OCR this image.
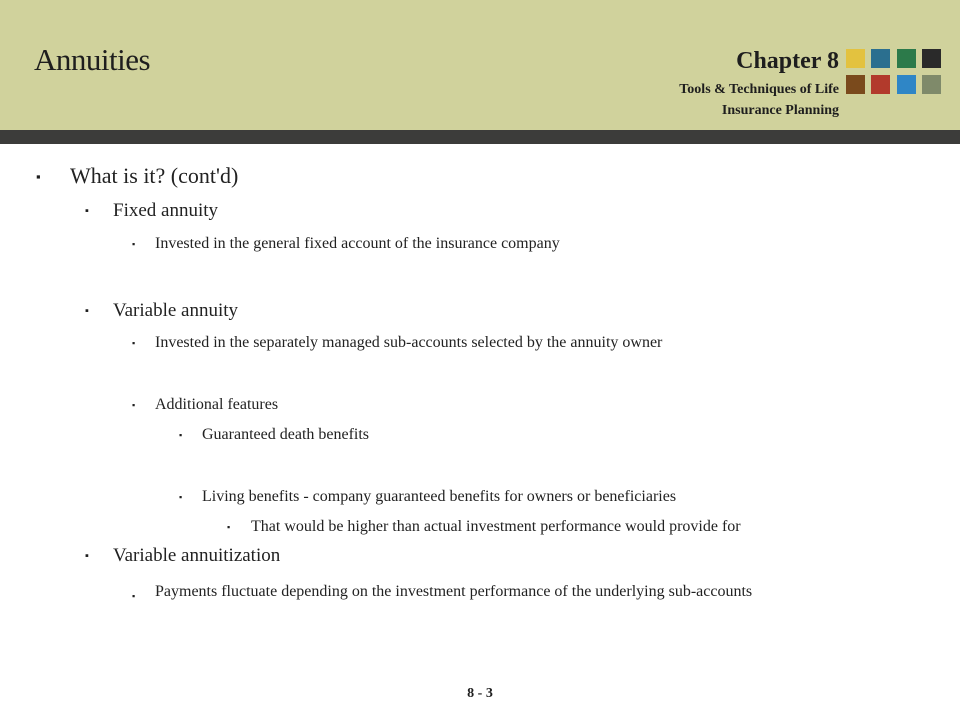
Annuities	Chapter 8
Tools & Techniques of Life
Insurance Planning
▪ What is it? (cont'd)
▪ Fixed annuity
▪ Invested in the general fixed account of the insurance company
▪ Variable annuity
▪ Invested in the separately managed sub-accounts selected by the annuity owner
▪ Additional features
▪ Guaranteed death benefits
▪ Living benefits - company guaranteed benefits for owners or beneficiaries
▪ That would be higher than actual investment performance would provide for
▪ Variable annuitization
▪ Payments fluctuate depending on the investment performance of the underlying sub-accounts
8 - 3
